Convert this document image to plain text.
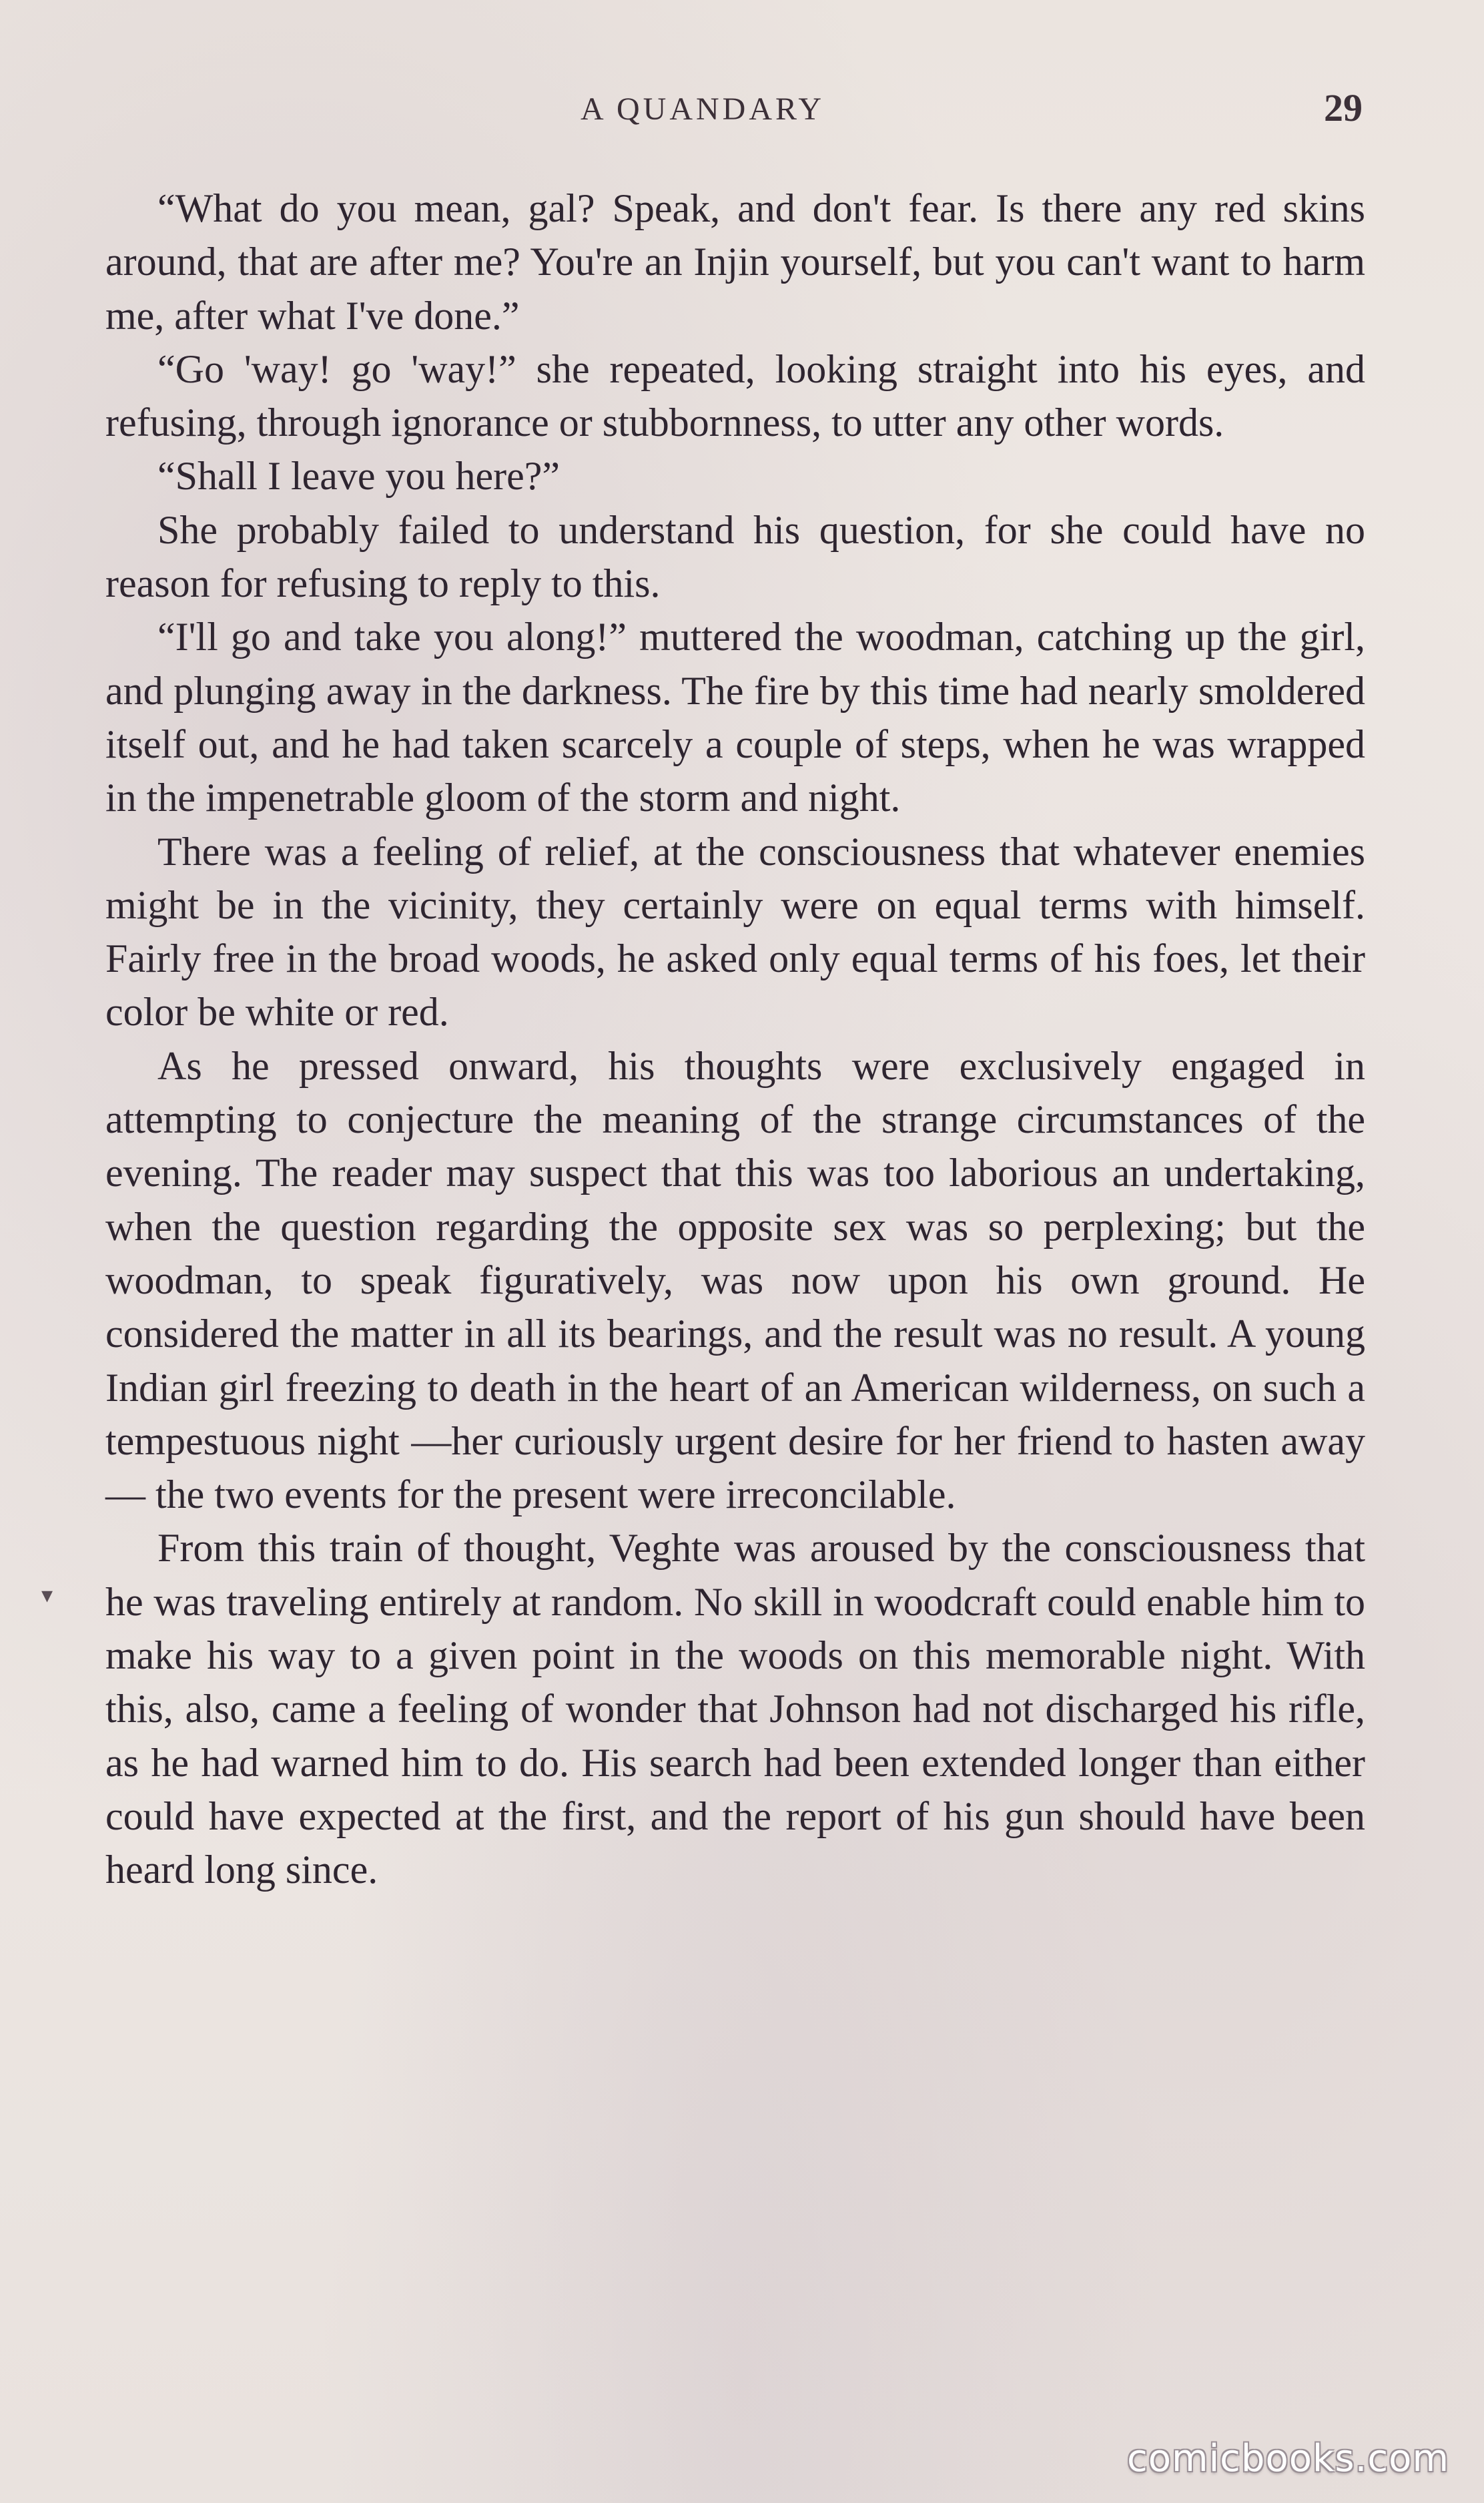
A QUANDARY	29

“What do you mean, gal? Speak, and don't fear. Is there any red skins around, that are after me? You're an Injin yourself, but you can't want to harm me, after what I've done.”

“Go 'way! go 'way!” she repeated, looking straight into his eyes, and refusing, through ignorance or stubbornness, to utter any other words.

“Shall I leave you here?”

She probably failed to understand his question, for she could have no reason for refusing to reply to this.

“I'll go and take you along!” muttered the woodman, catching up the girl, and plunging away in the darkness. The fire by this time had nearly smoldered itself out, and he had taken scarcely a couple of steps, when he was wrapped in the impenetrable gloom of the storm and night.

There was a feeling of relief, at the consciousness that whatever enemies might be in the vicinity, they certainly were on equal terms with himself. Fairly free in the broad woods, he asked only equal terms of his foes, let their color be white or red.

As he pressed onward, his thoughts were exclusively engaged in attempting to conjecture the meaning of the strange circumstances of the evening. The reader may suspect that this was too laborious an undertaking, when the question regarding the opposite sex was so perplexing; but the woodman, to speak figuratively, was now upon his own ground. He considered the matter in all its bearings, and the result was no result. A young Indian girl freezing to death in the heart of an American wilderness, on such a tempestuous night —her curiously urgent desire for her friend to hasten away— the two events for the present were irreconcilable.

From this train of thought, Veghte was aroused by the consciousness that he was traveling entirely at random. No skill in woodcraft could enable him to make his way to a given point in the woods on this memorable night. With this, also, came a feeling of wonder that Johnson had not discharged his rifle, as he had warned him to do. His search had been extended longer than either could have expected at the first, and the report of his gun should have been heard long since.

▾
comicbooks.com
